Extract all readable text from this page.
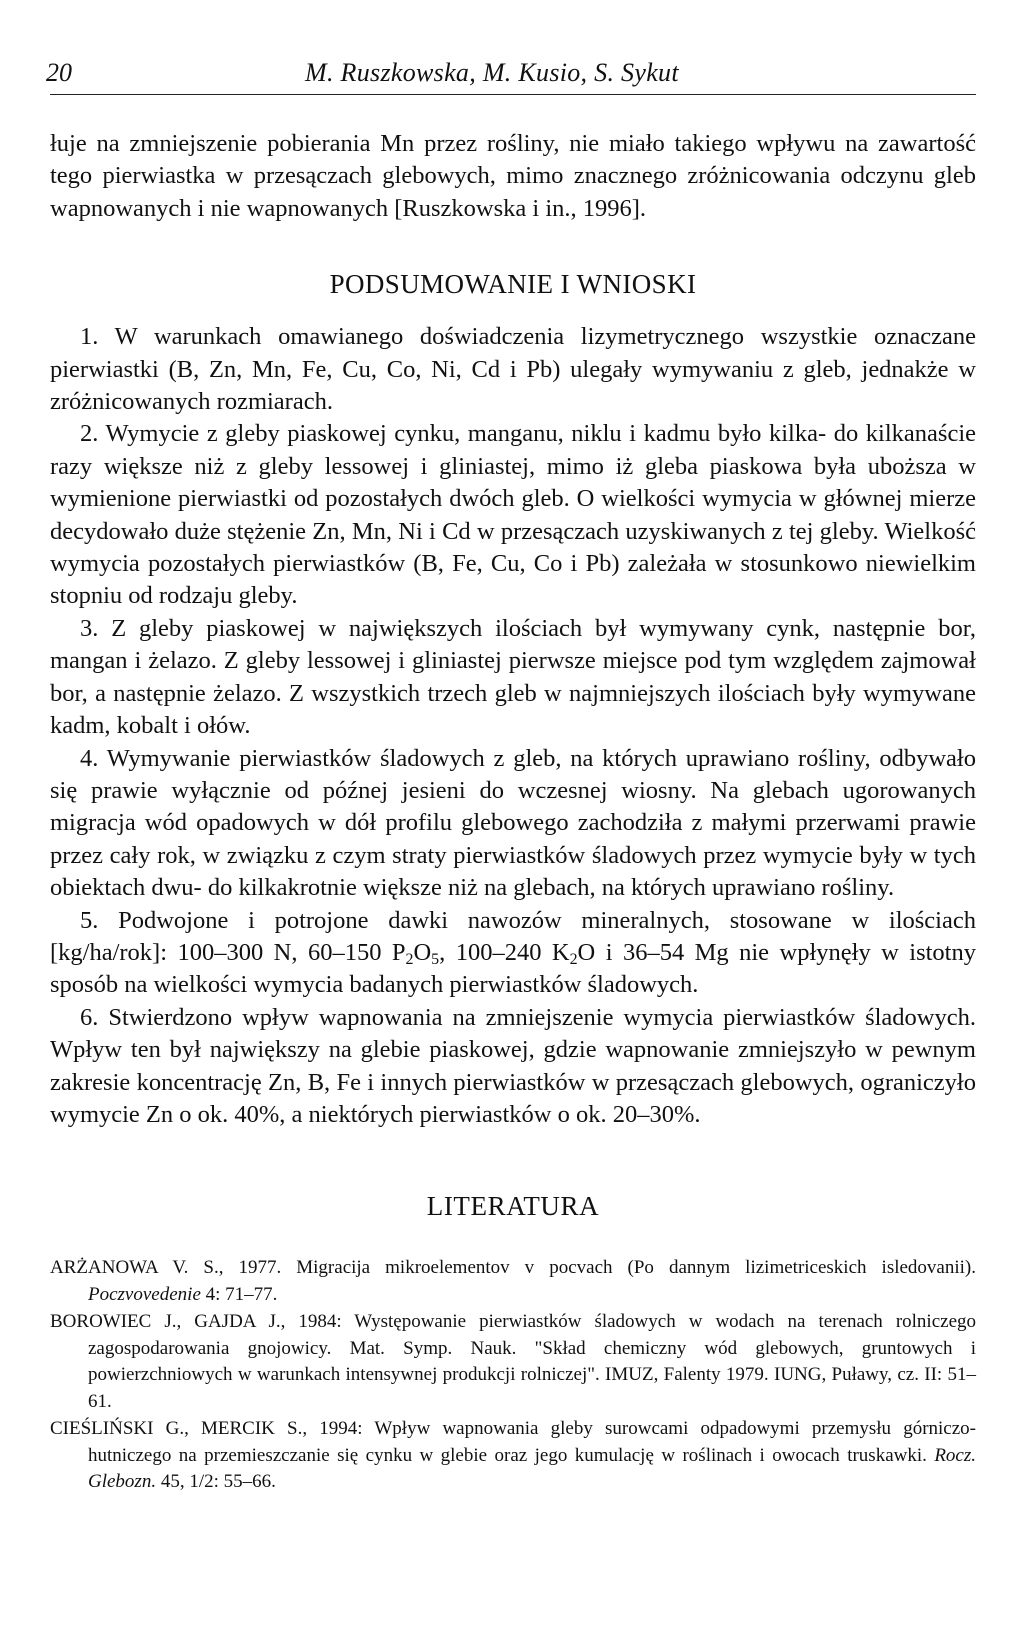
20	M. Ruszkowska, M. Kusio, S. Sykut

łuje na zmniejszenie pobierania Mn przez rośliny, nie miało takiego wpływu na zawartość tego pierwiastka w przesączach glebowych, mimo znacznego zróżnicowania odczynu gleb wapnowanych i nie wapnowanych [Ruszkowska i in., 1996].

PODSUMOWANIE I WNIOSKI

1. W warunkach omawianego doświadczenia lizymetrycznego wszystkie oznaczane pierwiastki (B, Zn, Mn, Fe, Cu, Co, Ni, Cd i Pb) ulegały wymywaniu z gleb, jednakże w zróżnicowanych rozmiarach.

2. Wymycie z gleby piaskowej cynku, manganu, niklu i kadmu było kilka- do kilkanaście razy większe niż z gleby lessowej i gliniastej, mimo iż gleba piaskowa była uboższa w wymienione pierwiastki od pozostałych dwóch gleb. O wielkości wymycia w głównej mierze decydowało duże stężenie Zn, Mn, Ni i Cd w przesączach uzyskiwanych z tej gleby. Wielkość wymycia pozostałych pierwiastków (B, Fe, Cu, Co i Pb) zależała w stosunkowo niewielkim stopniu od rodzaju gleby.

3. Z gleby piaskowej w największych ilościach był wymywany cynk, następnie bor, mangan i żelazo. Z gleby lessowej i gliniastej pierwsze miejsce pod tym względem zajmował bor, a następnie żelazo. Z wszystkich trzech gleb w najmniejszych ilościach były wymywane kadm, kobalt i ołów.

4. Wymywanie pierwiastków śladowych z gleb, na których uprawiano rośliny, odbywało się prawie wyłącznie od późnej jesieni do wczesnej wiosny. Na glebach ugorowanych migracja wód opadowych w dół profilu glebowego zachodziła z małymi przerwami prawie przez cały rok, w związku z czym straty pierwiastków śladowych przez wymycie były w tych obiektach dwu- do kilkakrotnie większe niż na glebach, na których uprawiano rośliny.

5. Podwojone i potrojone dawki nawozów mineralnych, stosowane w ilościach [kg/ha/rok]: 100–300 N, 60–150 $P_2O_5$, 100–240 $K_2O$ i 36–54 Mg nie wpłynęły w istotny sposób na wielkości wymycia badanych pierwiastków śladowych.

6. Stwierdzono wpływ wapnowania na zmniejszenie wymycia pierwiastków śladowych. Wpływ ten był największy na glebie piaskowej, gdzie wapnowanie zmniejszyło w pewnym zakresie koncentrację Zn, B, Fe i innych pierwiastków w przesączach glebowych, ograniczyło wymycie Zn o ok. 40%, a niektórych pierwiastków o ok. 20–30%.

LITERATURA

ARŻANOWA V. S., 1977. Migracija mikroelementov v pocvach (Po dannym lizimetriceskich isledovanii). Poczvovedenie 4: 71–77.

BOROWIEC J., GAJDA J., 1984: Występowanie pierwiastków śladowych w wodach na terenach rolniczego zagospodarowania gnojowicy. Mat. Symp. Nauk. "Skład chemiczny wód glebowych, gruntowych i powierzchniowych w warunkach intensywnej produkcji rolniczej". IMUZ, Falenty 1979. IUNG, Puławy, cz. II: 51–61.

CIEŚLIŃSKI G., MERCIK S., 1994: Wpływ wapnowania gleby surowcami odpadowymi przemysłu górniczo-hutniczego na przemieszczanie się cynku w glebie oraz jego kumulację w roślinach i owocach truskawki. Rocz. Glebozn. 45, 1/2: 55–66.
